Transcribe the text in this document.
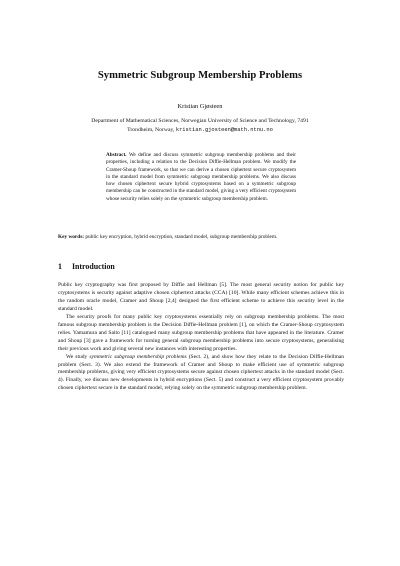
Symmetric Subgroup Membership Problems
Kristian Gjøsteen
Department of Mathematical Sciences, Norwegian University of Science and Technology, 7491 Trondheim, Norway, kristian.gjosteen@math.ntnu.no
Abstract. We define and discuss symmetric subgroup membership problems and their properties, including a relation to the Decision Diffie-Hellman problem. We modify the Cramer-Shoup framework, so that we can derive a chosen ciphertext secure cryptosystem in the standard model from symmetric subgroup membership problems. We also discuss how chosen ciphertext secure hybrid cryptosystems based on a symmetric subgroup membership can be constructed in the standard model, giving a very efficient cryptosystem whose security relies solely on the symmetric subgroup membership problem.
Key words: public key encryption, hybrid encryption, standard model, subgroup membership problem.
1 Introduction

Public key cryptography was first proposed by Diffie and Hellman [5]. The most general security notion for public key cryptosystems is security against adaptive chosen ciphertext attacks (CCA) [10]. While many efficient schemes achieve this in the random oracle model, Cramer and Shoup [2,4] designed the first efficient scheme to achieve this security level in the standard model.

The security proofs for many public key cryptosystems essentially rely on subgroup membership problems. The most famous subgroup membership problem is the Decision Diffie-Hellman problem [1], on which the Cramer-Shoup cryptosystem relies. Yamamura and Saito [11] catalogued many subgroup membership problems that have appeared in the literature. Cramer and Shoup [3] gave a framework for turning general subgroup membership problems into secure cryptosystems, generalising their previous work and giving several new instances with interesting properties.

We study symmetric subgroup membership problems (Sect. 2), and show how they relate to the Decision Diffie-Hellman problem (Sect. 3). We also extend the framework of Cramer and Shoup to make efficient use of symmetric subgroup membership problems, giving very efficient cryptosystems secure against chosen ciphertext attacks in the standard model (Sect. 4). Finally, we discuss new developments in hybrid encryptions (Sect. 5) and construct a very efficient cryptosystem provably chosen ciphertext secure in the standard model, relying solely on the symmetric subgroup membership problem.
